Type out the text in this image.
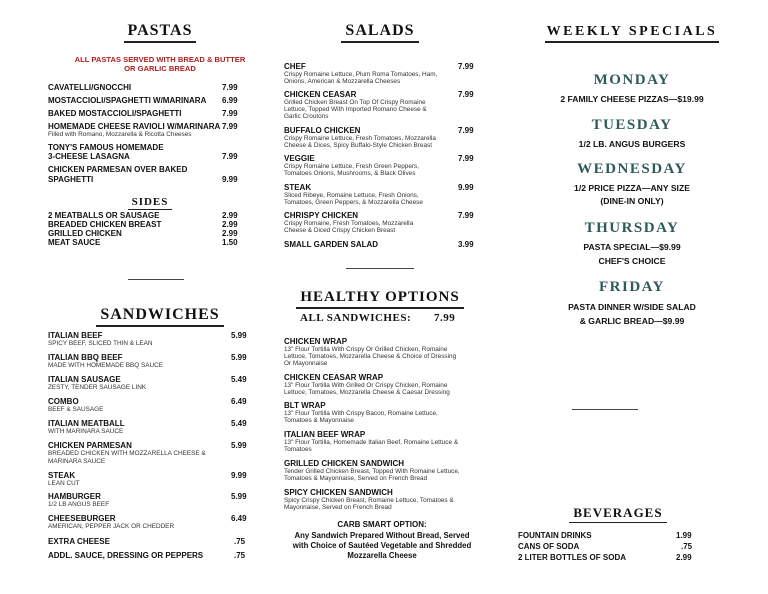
PASTAS
ALL PASTAS SERVED WITH BREAD & BUTTER
OR GARLIC BREAD
CAVATELLI/GNOCCHI	7.99
MOSTACCIOLI/SPAGHETTI W/MARINARA 6.99
BAKED MOSTACCIOLI/SPAGHETTI	7.99
HOMEMADE CHEESE RAVIOLI W/MARINARA 7.99
Filled with Romano, Mozzarella & Ricotta Cheeses
TONY'S FAMOUS HOMEMADE
3-CHEESE LASAGNA	7.99
CHICKEN PARMESAN OVER BAKED
SPAGHETTI	9.99
SIDES
2 MEATBALLS OR SAUSAGE	2.99
BREADED CHICKEN BREAST	2.99
GRILLED CHICKEN	2.99
MEAT SAUCE	1.50
SANDWICHES
ITALIAN BEEF	5.99
SPICY BEEF, SLICED THIN & LEAN
ITALIAN BBQ BEEF	5.99
MADE WITH HOMEMADE BBQ SAUCE
ITALIAN SAUSAGE	5.49
ZESTY, TENDER SAUSAGE LINK
COMBO	6.49
BEEF & SAUSAGE
ITALIAN MEATBALL	5.49
WITH MARINARA SAUCE
CHICKEN PARMESAN	5.99
BREADED CHICKEN WITH MOZZARELLA CHEESE &
MARINARA SAUCE
STEAK	9.99
LEAN CUT
HAMBURGER	5.99
1/2 LB ANGUS BEEF
CHEESEBURGER	6.49
AMERICAN, PEPPER JACK OR CHEDDER
EXTRA CHEESE	.75
ADDL. SAUCE, DRESSING OR PEPPERS	.75
SALADS
CHEF	7.99
Crispy Romaine Lettuce, Plum Roma Tomatoes, Ham,
Onions, American & Mozzarella Cheeses
CHICKEN CEASAR	7.99
Grilled Chicken Breast On Top Of Crispy Romaine
Lettuce, Topped With Imported Romano Cheese &
Garlic Croutons
BUFFALO CHICKEN	7.99
Crispy Romaine Lettuce, Fresh Tomatoes, Mozzarella
Cheese & Dices, Spicy Buffalo-Style Chicken Breast
VEGGIE	7.99
Crispy Romaine Lettuce, Fresh Green Peppers,
Tomatoes Onions, Mushrooms, & Black Olives
STEAK	9.99
Sliced Ribeye, Romaine Lettuce, Fresh Onions,
Tomatoes, Green Peppers, & Mozzarella Cheese
CHRISPY CHICKEN	7.99
Crispy Romaine, Fresh Tomatoes, Mozzarella
Cheese & Diced Crispy Chicken Breast
SMALL GARDEN SALAD	3.99
HEALTHY OPTIONS
ALL SANDWICHES: 7.99
CHICKEN WRAP
13" Flour Tortilla With Crispy Or Grilled Chicken, Romaine
Lettuce, Tomatoes, Mozzarella Cheese & Choice of Dressing
Or Mayonnaise
CHICKEN CEASAR WRAP
13" Flour Tortilla With Grilled Or Crispy Chicken, Romaine
Lettuce, Tomatoes, Mozzarella Cheese & Caesar Dressing
BLT WRAP
13" Flour Tortilla With Crispy Bacon, Romaine Lettuce,
Tomatoes & Mayonnaise
ITALIAN BEEF WRAP
13" Flour Tortilla, Homemade Italian Beef, Romaine Lettuce &
Tomatoes
GRILLED CHICKEN SANDWICH
Tender Grilled Chicken Breast, Topped With Romaine Lettuce,
Tomatoes & Mayonnaise, Served on French Bread
SPICY CHICKEN SANDWICH
Spicy Crispy Chicken Breast, Romaine Lettuce, Tomatoes &
Mayonnaise, Served on French Bread
CARB SMART OPTION:
Any Sandwich Prepared Without Bread, Served
with Choice of Sautéed Vegetable and Shredded
Mozzarella Cheese
WEEKLY SPECIALS
MONDAY
2 FAMILY CHEESE PIZZAS—$19.99
TUESDAY
1/2 LB. ANGUS BURGERS
WEDNESDAY
1/2 PRICE PIZZA—ANY SIZE
(DINE-IN ONLY)
THURSDAY
PASTA SPECIAL—$9.99
CHEF'S CHOICE
FRIDAY
PASTA DINNER W/SIDE SALAD
& GARLIC BREAD—$9.99
BEVERAGES
FOUNTAIN DRINKS	1.99
CANS OF SODA	.75
2 LITER BOTTLES OF SODA	2.99
